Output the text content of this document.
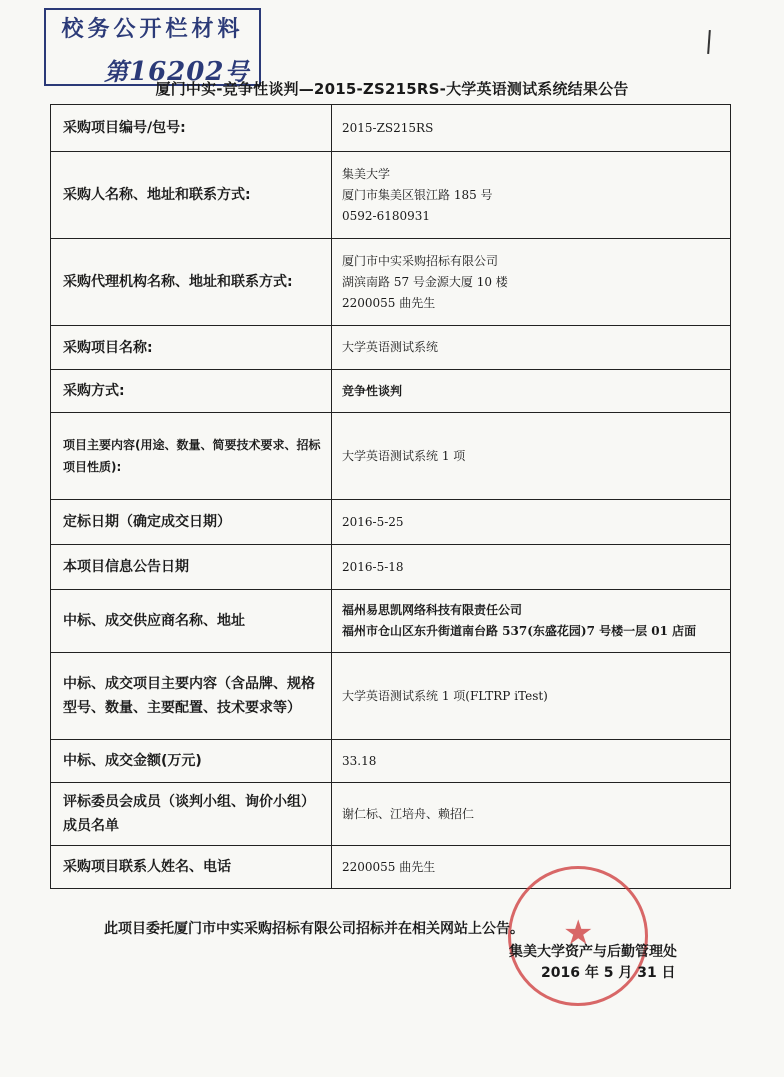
校务公开栏材料
第16202号
厦门中实-竞争性谈判—2015-ZS215RS-大学英语测试系统结果公告
采购项目编号/包号:	2015-ZS215RS

采购人名称、地址和联系方式:	集美大学
厦门市集美区银江路 185 号
0592-6180931

采购代理机构名称、地址和联系方式:	厦门市中实采购招标有限公司
湖滨南路 57 号金源大厦 10 楼
2200055 曲先生

采购项目名称:	大学英语测试系统

采购方式:	竞争性谈判

项目主要内容(用途、数量、简要技术要求、招标项目性质):	大学英语测试系统 1 项

定标日期（确定成交日期）	2016-5-25

本项目信息公告日期	2016-5-18

中标、成交供应商名称、地址	福州易思凯网络科技有限责任公司
福州市仓山区东升街道南台路 537(东盛花园)7 号楼一层 01 店面

中标、成交项目主要内容（含品牌、规格型号、数量、主要配置、技术要求等）	大学英语测试系统 1 项(FLTRP iTest)

中标、成交金额(万元)	33.18

评标委员会成员（谈判小组、询价小组）成员名单	谢仁标、江培舟、赖招仁

采购项目联系人姓名、电话	2200055 曲先生
★
此项目委托厦门市中实采购招标有限公司招标并在相关网站上公告。
集美大学资产与后勤管理处
2016 年 5 月 31 日
